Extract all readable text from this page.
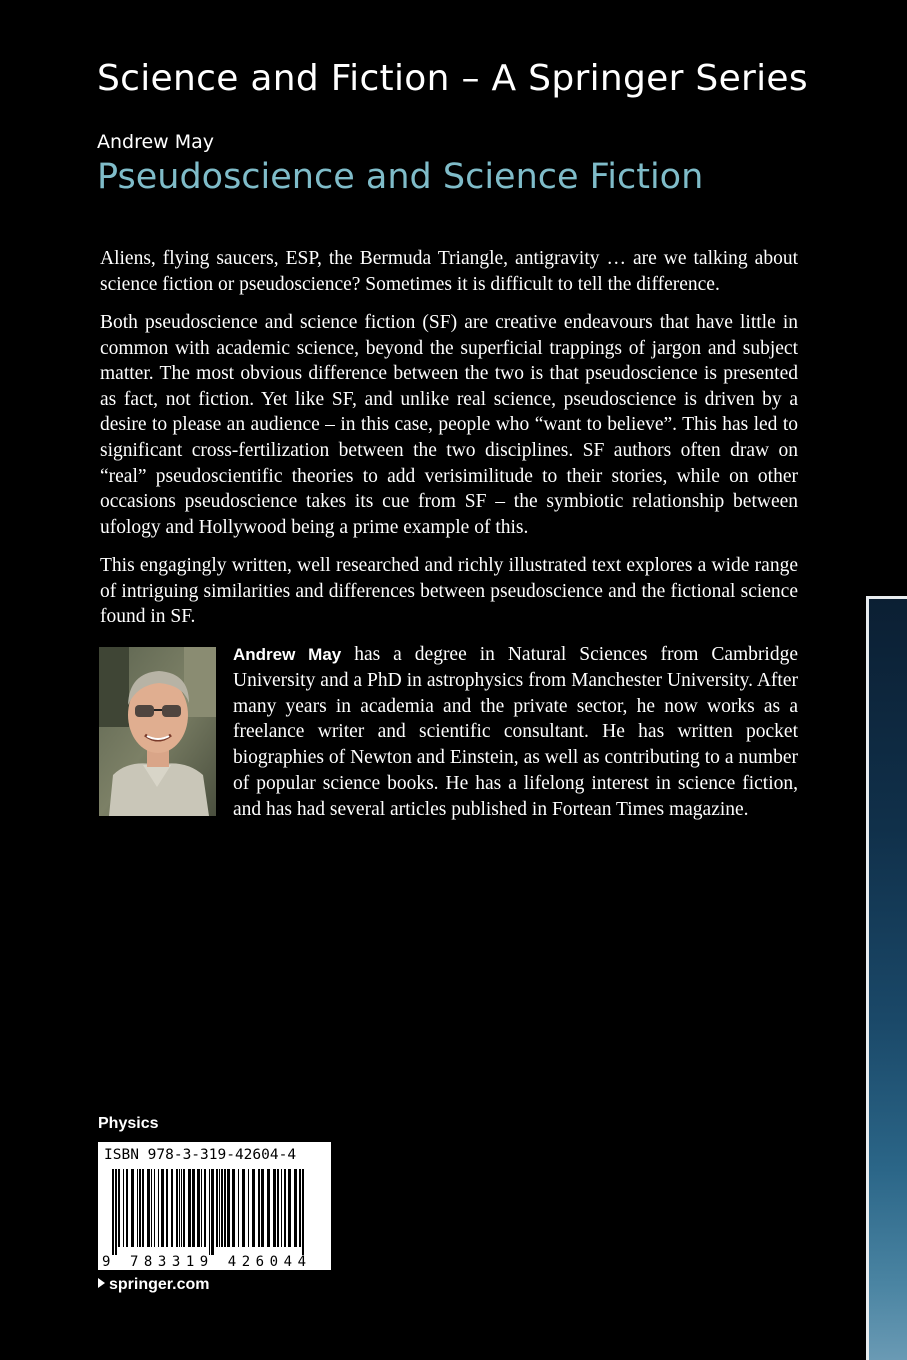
Science and Fiction – A Springer Series
Andrew May
Pseudoscience and Science Fiction

Aliens, flying saucers, ESP, the Bermuda Triangle, antigravity … are we talking about science fiction or pseudoscience? Sometimes it is difficult to tell the difference.

Both pseudoscience and science fiction (SF) are creative endeavours that have little in common with academic science, beyond the superficial trappings of jargon and subject matter. The most obvious difference between the two is that pseudoscience is presented as fact, not fiction. Yet like SF, and unlike real science, pseudoscience is driven by a desire to please an audience – in this case, people who “want to believe”. This has led to significant cross-fertilization between the two disciplines. SF authors often draw on “real” pseudoscientific theories to add verisimilitude to their stories, while on other occasions pseudoscience takes its cue from SF – the symbiotic relationship between ufology and Hollywood being a prime example of this.

This engagingly written, well researched and richly illustrated text explores a wide range of intriguing similarities and differences between pseudoscience and the fictional science found in SF.

Andrew May has a degree in Natural Sciences from Cambridge University and a PhD in astrophysics from Manchester University. After many years in academia and the private sector, he now works as a freelance writer and scientific consultant. He has written pocket biographies of Newton and Einstein, as well as contributing to a number of popular science books. He has a lifelong interest in science fiction, and has had several articles published in Fortean Times magazine.

Physics
ISBN 978-3-319-42604-4
9 783319 426044
springer.com
